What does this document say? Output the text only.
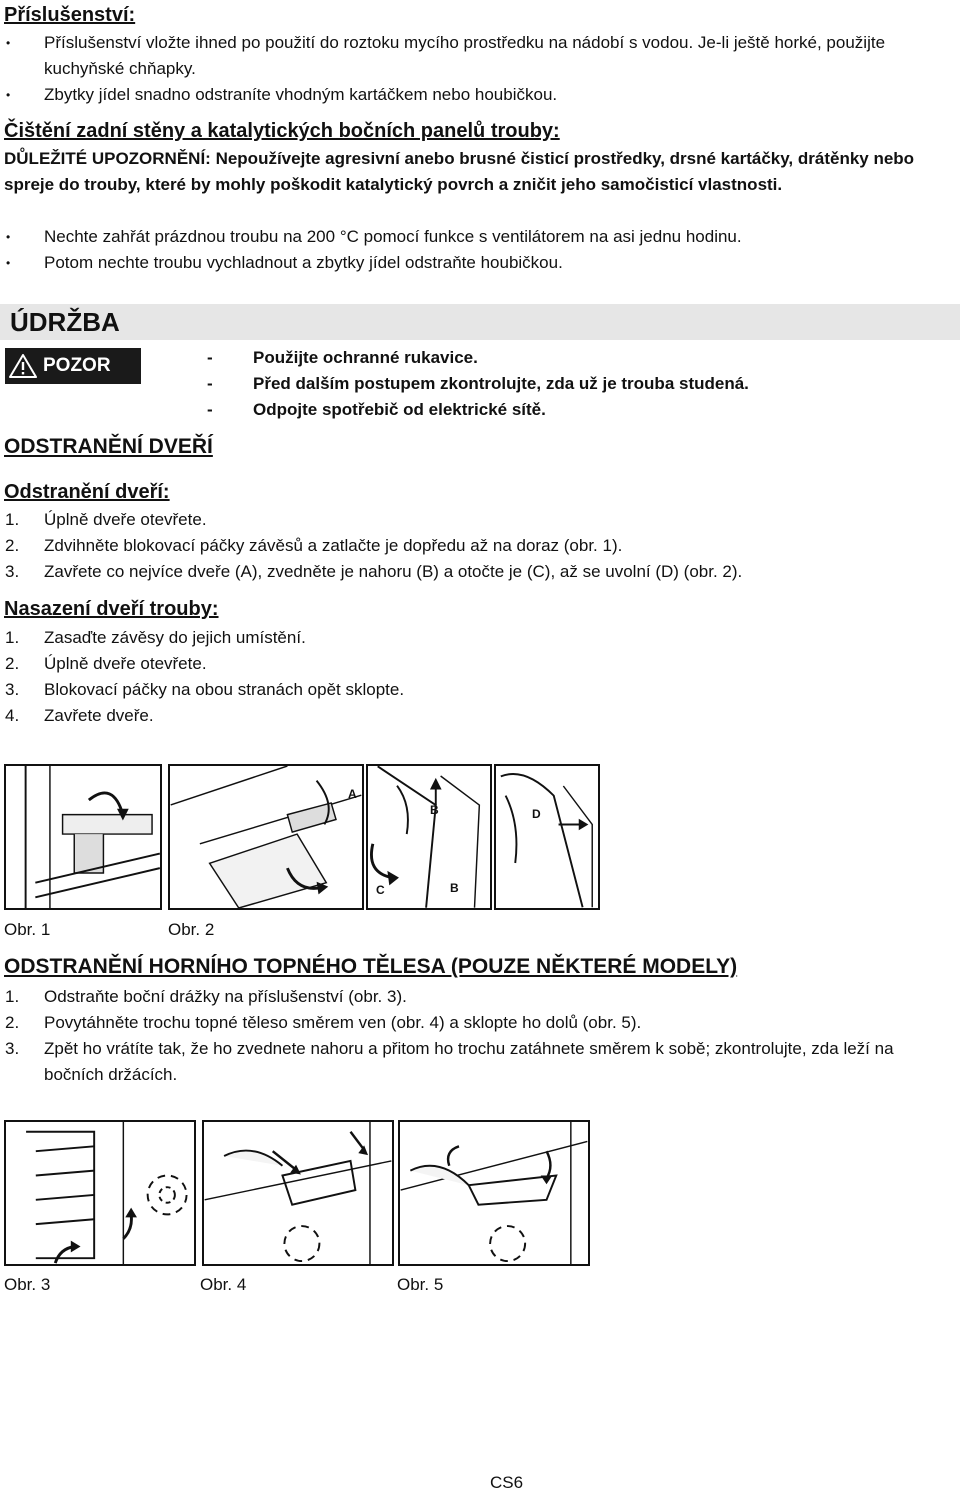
Příslušenství:
• Příslušenství vložte ihned po použití do roztoku mycího prostředku na nádobí s vodou. Je-li ještě horké, použijte kuchyňské chňapky.
• Zbytky jídel snadno odstraníte vhodným kartáčkem nebo houbičkou.
Čištění zadní stěny a katalytických bočních panelů trouby:
DŮLEŽITÉ UPOZORNĚNÍ: Nepoužívejte agresivní anebo brusné čisticí prostředky, drsné kartáčky, drátěnky nebo spreje do trouby, které by mohly poškodit katalytický povrch a zničit jeho samočisticí vlastnosti.
• Nechte zahřát prázdnou troubu na 200 °C pomocí funkce s ventilátorem na asi jednu hodinu.
• Potom nechte troubu vychladnout a zbytky jídel odstraňte houbičkou.
ÚDRŽBA
POZOR
-	Použijte ochranné rukavice.
- Před dalším postupem zkontrolujte, zda už je trouba studená.
- Odpojte spotřebič od elektrické sítě.
ODSTRANĚNÍ DVEŘÍ
Odstranění dveří:
1. Úplně dveře otevřete.
2. Zdvihněte blokovací páčky závěsů a zatlačte je dopředu až na doraz (obr. 1).
3. Zavřete co nejvíce dveře (A), zvedněte je nahoru (B) a otočte je (C), až se uvolní (D) (obr. 2).
Nasazení dveří trouby:
1. Zasaďte závěsy do jejich umístění.
2. Úplně dveře otevřete.
3. Blokovací páčky na obou stranách opět sklopte.
4. Zavřete dveře.
A
B
C	B
D
Obr. 1	Obr. 2
ODSTRANĚNÍ HORNÍHO TOPNÉHO TĚLESA (POUZE NĚKTERÉ MODELY)
1. Odstraňte boční drážky na příslušenství (obr. 3).
2. Povytáhněte trochu topné těleso směrem ven (obr. 4) a sklopte ho dolů (obr. 5).
3. Zpět ho vrátíte tak, že ho zvednete nahoru a přitom ho trochu zatáhnete směrem k sobě; zkontrolujte, zda leží na bočních držácích.
Obr. 3	Obr. 4	Obr. 5
CS6
